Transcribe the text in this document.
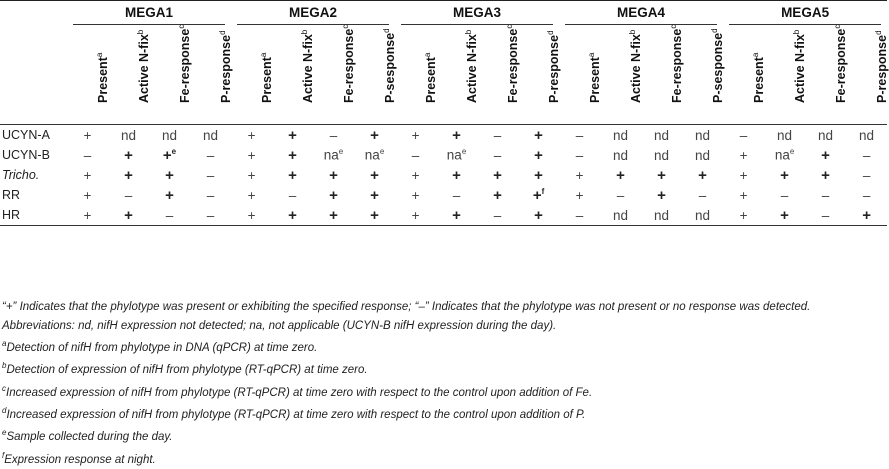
	MEGA1				MEGA2				MEGA3				MEGA4				MEGA5			

	Present$^a$	Active N-fix$^b$	Fe-response$^c$	P-response$^d$	Present$^a$	Active N-fix$^b$	Fe-response$^c$	P-sesponse$^d$	Present$^a$	Active N-fix$^b$	Fe-response$^c$	P-response$^d$	Present$^a$	Active N-fix$^b$	Fe-response$^c$	P-sesponse$^d$	Present$^a$	Active N-fix$^b$	Fe-response$^c$	P-response$^d$

UCYN-A	+	nd	nd	nd	+	+	–	+	+	+	–	+	–	nd	nd	nd	–	nd	nd	nd
UCYN-B	–	+	+$^e$	–	+	+	$na^e$	$na^e$	–	$na^e$	–	+	–	nd	nd	nd	+	$na^e$	+	–
Tricho.	+	+	+	–	+	+	+	+	+	+	+	+	+	+	+	+	+	+	+	–
RR	+	–	+	–	+	–	+	+	+	–	+	+$^f$	+	–	+	–	+	–	–	–
HR	+	+	–	–	+	+	+	+	+	+	–	+	–	nd	nd	nd	+	+	–	+
“+” Indicates that the phylotype was present or exhibiting the specified response; “–” Indicates that the phylotype was not present or no response was detected.
Abbreviations: nd, nifH expression not detected; na, not applicable (UCYN-B nifH expression during the day).
$^a$Detection of nifH from phylotype in DNA (qPCR) at time zero.
$^b$Detection of expression of nifH from phylotype (RT-qPCR) at time zero.
$^c$Increased expression of nifH from phylotype (RT-qPCR) at time zero with respect to the control upon addition of Fe.
$^d$Increased expression of nifH from phylotype (RT-qPCR) at time zero with respect to the control upon addition of P.
$^e$Sample collected during the day.
$^f$Expression response at night.
